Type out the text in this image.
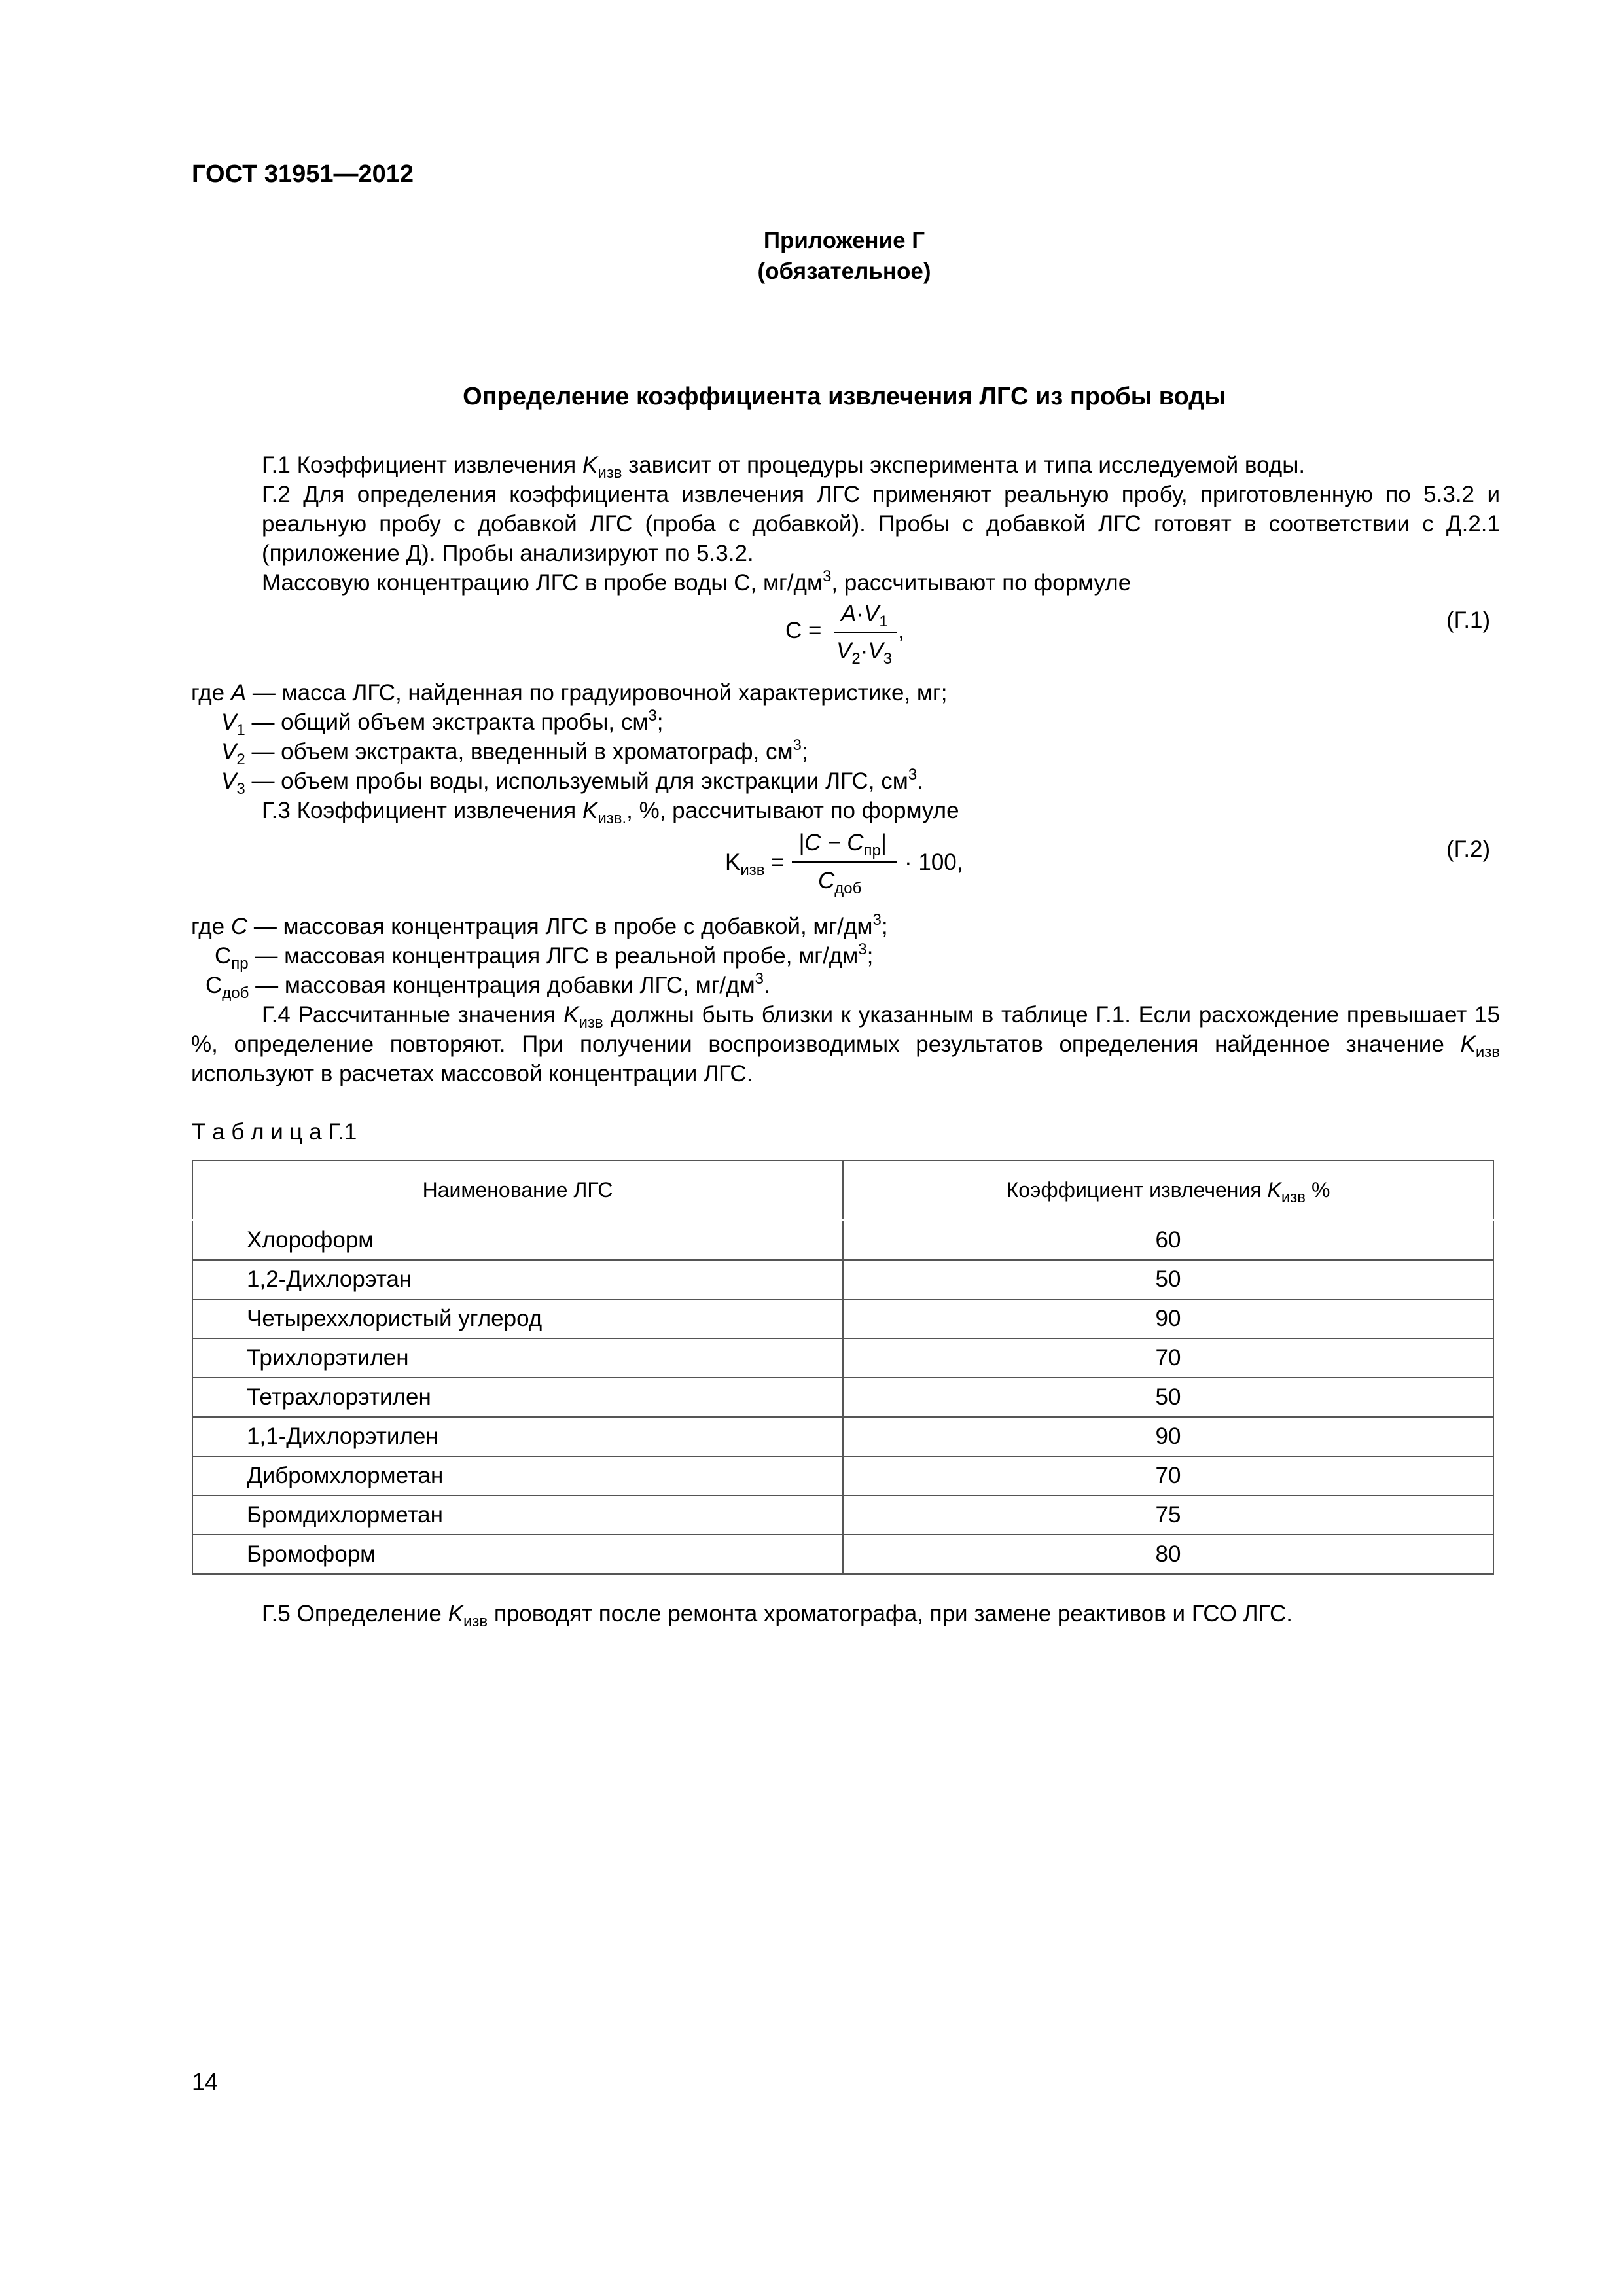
ГОСТ 31951—2012
Приложение Г
(обязательное)
Определение коэффициента извлечения ЛГС из пробы воды

Г.1 Коэффициент извлечения $K_{изв}$ зависит от процедуры эксперимента и типа исследуемой воды.

Г.2 Для определения коэффициента извлечения ЛГС применяют реальную пробу, приготовленную по 5.3.2 и реальную пробу с добавкой ЛГС (проба с добавкой). Пробы с добавкой ЛГС готовят в соответствии с Д.2.1 (приложение Д). Пробы анализируют по 5.3.2.

Массовую концентрацию ЛГС в пробе воды С, $мг/дм^3$, рассчитывают по формуле

C =
$A\cdot V_1$
$V_2\cdot V_3$
,	(Г.1)
где A — масса ЛГС, найденная по градуировочной характеристике, мг;
$V_1$ — общий объем экстракта пробы, $см^3$;
$V_2$ — объем экстракта, введенный в хроматограф, $см^3$;
$V_3$ — объем пробы воды, используемый для экстракции ЛГС, $см^3$.
Г.3 Коэффициент извлечения $K_{изв.}$, %, рассчитывают по формуле
$K_{изв}$ =
$|C - C_{пр}|$
$C_{доб}$
· 100,
(Г.2)
где C — массовая концентрация ЛГС в пробе с добавкой, $мг/дм^3$;
$С_{пр}$ — массовая концентрация ЛГС в реальной пробе, $мг/дм^3$;
$С_{доб}$ — массовая концентрация добавки ЛГС, $мг/дм^3$.
Г.4 Рассчитанные значения $K_{изв}$ должны быть близки к указанным в таблице Г.1. Если расхождение превышает 15 %, определение повторяют. При получении воспроизводимых результатов определения найденное значение $K_{изв}$ используют в расчетах массовой концентрации ЛГС.
Т а б л и ц а Г.1
Наименование ЛГС	Коэффициент извлечения $K_{изв}$ %
Хлороформ	60
1,2-Дихлорэтан	50
Четыреххлористый углерод	90
Трихлорэтилен	70
Тетрахлорэтилен	50
1,1-Дихлорэтилен	90
Дибромхлорметан	70
Бромдихлорметан	75
Бромоформ	80
Г.5 Определение $K_{изв}$ проводят после ремонта хроматографа, при замене реактивов и ГСО ЛГС.
14
